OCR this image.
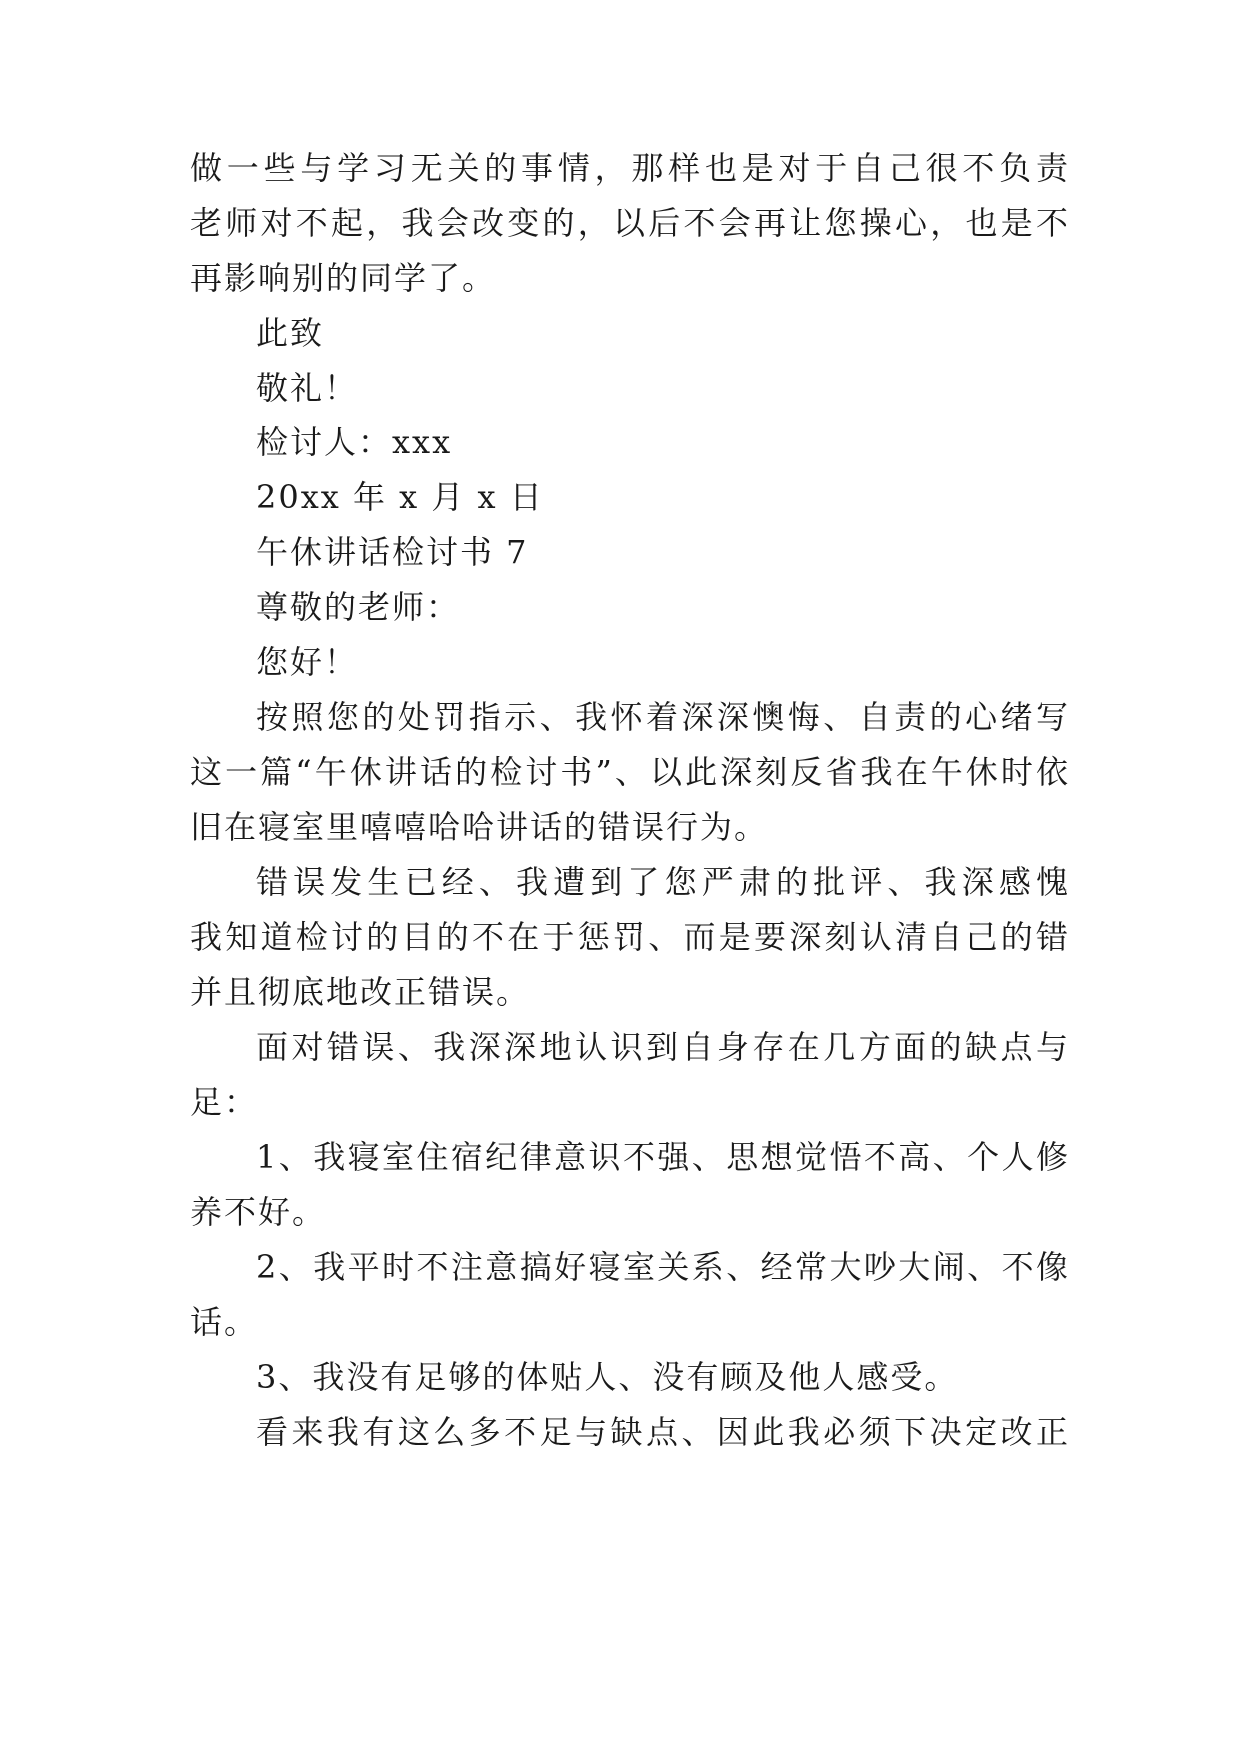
做一些与学习无关的事情，那样也是对于自己很不负责
老师对不起，我会改变的，以后不会再让您操心，也是不
再影响别的同学了。
此致
敬礼！
检讨人：xxx
20xx 年 x 月 x 日
午休讲话检讨书 7
尊敬的老师：
您好！
按照您的处罚指示、我怀着深深懊悔、自责的心绪写
这一篇“午休讲话的检讨书”、以此深刻反省我在午休时依
旧在寝室里嘻嘻哈哈讲话的错误行为。
错误发生已经、我遭到了您严肃的批评、我深感愧
我知道检讨的目的不在于惩罚、而是要深刻认清自己的错
并且彻底地改正错误。
面对错误、我深深地认识到自身存在几方面的缺点与
足：
1、我寝室住宿纪律意识不强、思想觉悟不高、个人修
养不好。
2、我平时不注意搞好寝室关系、经常大吵大闹、不像
话。
3、我没有足够的体贴人、没有顾及他人感受。
看来我有这么多不足与缺点、因此我必须下决定改正
